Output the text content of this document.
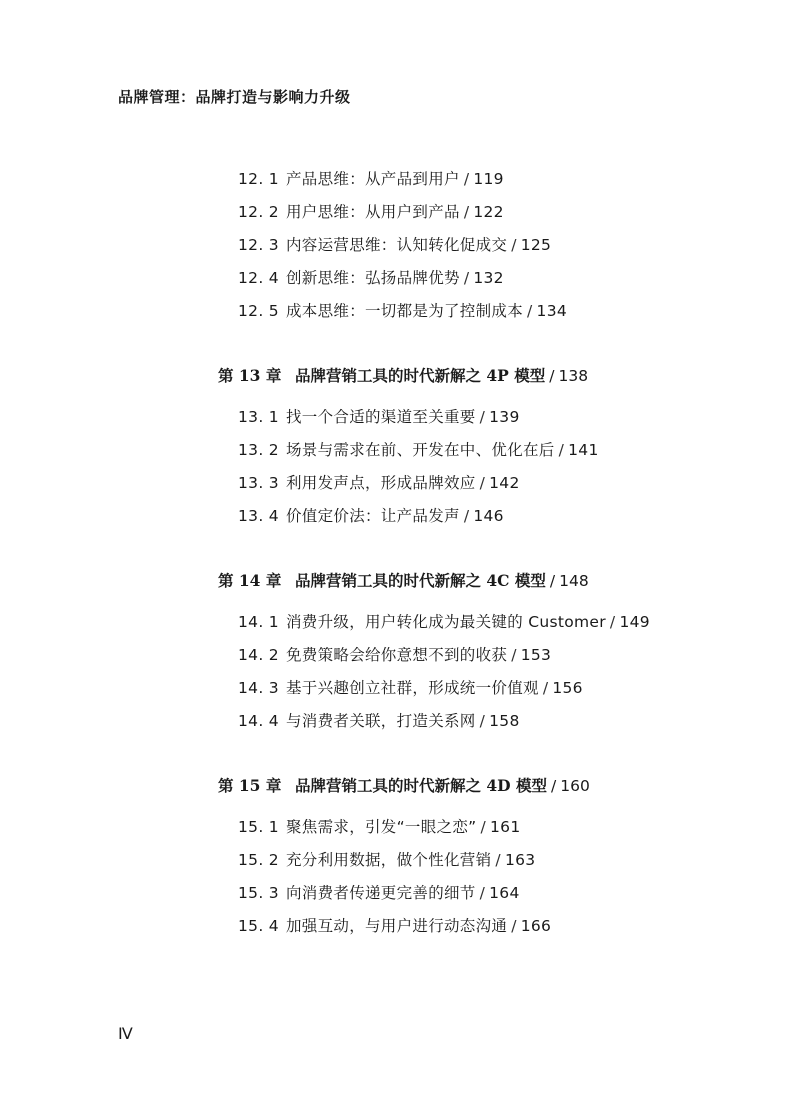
品牌管理：品牌打造与影响力升级
12. 1 产品思维：从产品到用户 / 119
12. 2 用户思维：从用户到产品 / 122
12. 3 内容运营思维：认知转化促成交 / 125
12. 4 创新思维：弘扬品牌优势 / 132
12. 5 成本思维：一切都是为了控制成本 / 134
第 13 章 品牌营销工具的时代新解之 4P 模型 / 138
13. 1 找一个合适的渠道至关重要 / 139
13. 2 场景与需求在前、开发在中、优化在后 / 141
13. 3 利用发声点，形成品牌效应 / 142
13. 4 价值定价法：让产品发声 / 146
第 14 章 品牌营销工具的时代新解之 4C 模型 / 148
14. 1 消费升级，用户转化成为最关键的 Customer / 149
14. 2 免费策略会给你意想不到的收获 / 153
14. 3 基于兴趣创立社群，形成统一价值观 / 156
14. 4 与消费者关联，打造关系网 / 158
第 15 章 品牌营销工具的时代新解之 4D 模型 / 160
15. 1 聚焦需求，引发“一眼之恋” / 161
15. 2 充分利用数据，做个性化营销 / 163
15. 3 向消费者传递更完善的细节 / 164
15. 4 加强互动，与用户进行动态沟通 / 166
Ⅳ
